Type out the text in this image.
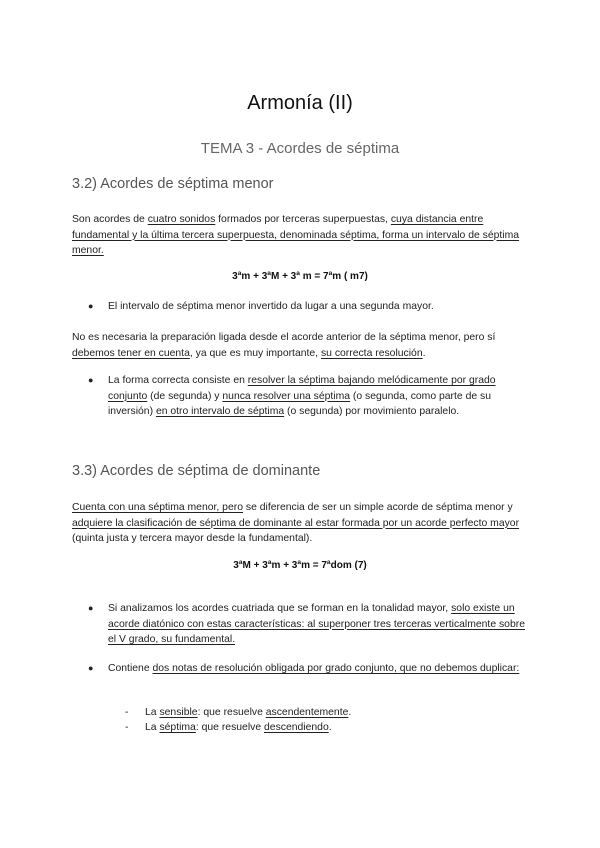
Armonía (II)
TEMA 3 - Acordes de séptima
3.2) Acordes de séptima menor
Son acordes de cuatro sonidos formados por terceras superpuestas, cuya distancia entre fundamental y la última tercera superpuesta, denominada séptima, forma un intervalo de séptima menor.
3ªm + 3ªM + 3ª m = 7ªm ( m7)
● El intervalo de séptima menor invertido da lugar a una segunda mayor.
No es necesaria la preparación ligada desde el acorde anterior de la séptima menor, pero sí debemos tener en cuenta, ya que es muy importante, su correcta resolución.
● La forma correcta consiste en resolver la séptima bajando melódicamente por grado conjunto (de segunda) y nunca resolver una séptima (o segunda, como parte de su inversión) en otro intervalo de séptima (o segunda) por movimiento paralelo.
3.3) Acordes de séptima de dominante
Cuenta con una séptima menor, pero se diferencia de ser un simple acorde de séptima menor y adquiere la clasificación de séptima de dominante al estar formada por un acorde perfecto mayor (quinta justa y tercera mayor desde la fundamental).
3ªM + 3ªm + 3ªm = 7ªdom (7)
● Si analizamos los acordes cuatriada que se forman en la tonalidad mayor, solo existe un acorde diatónico con estas características: al superponer tres terceras verticalmente sobre el V grado, su fundamental.
● Contiene dos notas de resolución obligada por grado conjunto, que no debemos duplicar:
- La sensible: que resuelve ascendentemente.
- La séptima: que resuelve descendiendo.
